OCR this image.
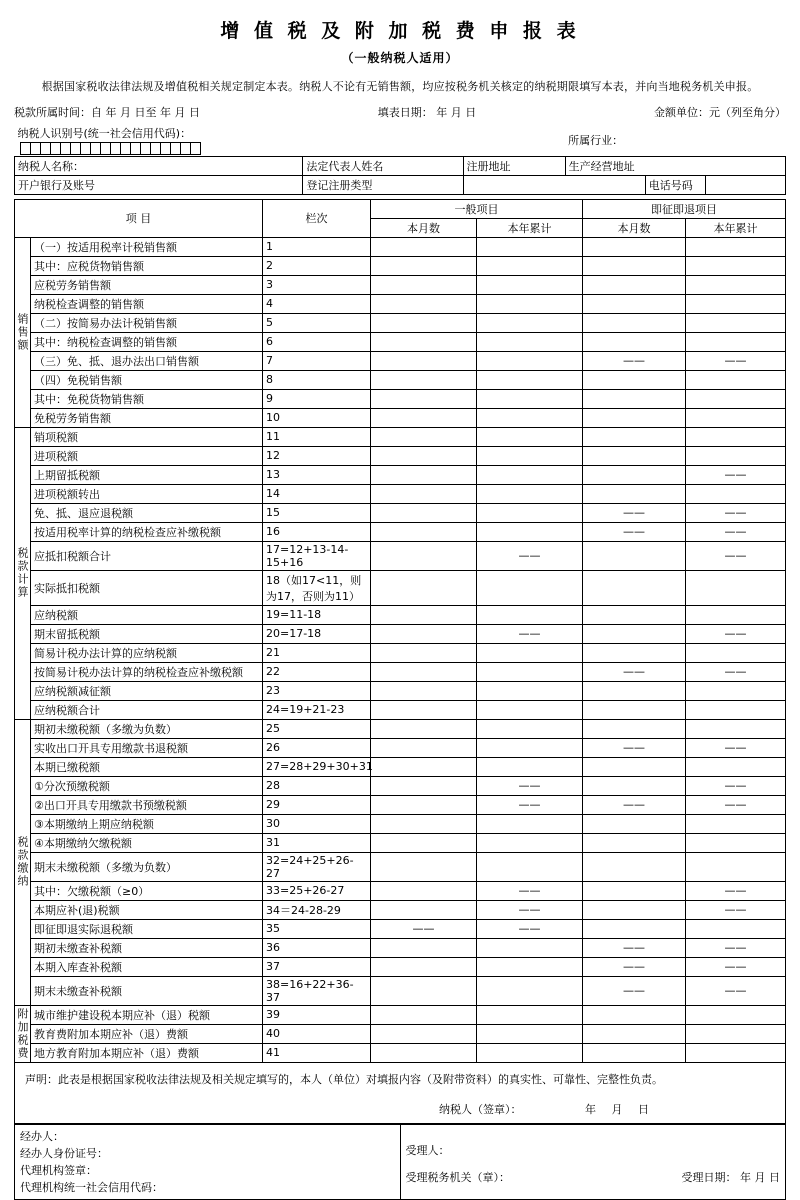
增 值 税 及 附 加 税 费 申 报 表
（一般纳税人适用）
根据国家税收法律法规及增值税相关规定制定本表。纳税人不论有无销售额，均应按税务机关核定的纳税期限填写本表，并向当地税务机关申报。
税款所属时间：自 年 月 日至 年 月 日	填表日期： 年 月 日	金额单位：元（列至角分）
纳税人识别号(统一社会信用代码)：			所属行业：		
纳税人名称：	法定代表人姓名	注册地址	生产经营地址		
开户银行及账号	登记注册类型			电话号码	
项 目		栏次	一般项目		即征即退项目	
			本月数	本年累计	本月数	本年累计
销售额	（一）按适用税率计税销售额	1				
	其中：应税货物销售额	2				
	应税劳务销售额	3				
	纳税检查调整的销售额	4				
	（二）按简易办法计税销售额	5				
	其中：纳税检查调整的销售额	6				
	（三）免、抵、退办法出口销售额	7			——	——
	（四）免税销售额	8				
	其中：免税货物销售额	9				
	免税劳务销售额	10				
税款计算	销项税额	11				
	进项税额	12				
	上期留抵税额	13				——
	进项税额转出	14				
	免、抵、退应退税额	15			——	——
	按适用税率计算的纳税检查应补缴税额	16			——	——
	应抵扣税额合计	17=12+13-14-15+16		——		——
	实际抵扣税额	18（如17<11，则为17，否则为11）				
	应纳税额	19=11-18				
	期末留抵税额	20=17-18		——		——
	简易计税办法计算的应纳税额	21				
	按简易计税办法计算的纳税检查应补缴税额	22			——	——
	应纳税额减征额	23				
	应纳税额合计	24=19+21-23				
税款缴纳	期初未缴税额（多缴为负数）	25				
	实收出口开具专用缴款书退税额	26			——	——
	本期已缴税额	27=28+29+30+31				
	①分次预缴税额	28		——		——
	②出口开具专用缴款书预缴税额	29		——	——	——
	③本期缴纳上期应纳税额	30				
	④本期缴纳欠缴税额	31				
	期末未缴税额（多缴为负数）	32=24+25+26-27				
	其中：欠缴税额（≥0）	33=25+26-27		——		——
	本期应补(退)税额	34＝24-28-29		——		——
	即征即退实际退税额	35	——	——		
	期初未缴查补税额	36			——	——
	本期入库查补税额	37			——	——
	期末未缴查补税额	38=16+22+36-37			——	——
附加税费	城市维护建设税本期应补（退）税额	39				
	教育费附加本期应补（退）费额	40				
	地方教育附加本期应补（退）费额	41				
声明：此表是根据国家税收法律法规及相关规定填写的，本人（单位）对填报内容（及附带资料）的真实性、可靠性、完整性负责。
纳税人（签章）：	年 月 日
经办人：
经办人身份证号：
代理机构签章：
代理机构统一社会信用代码：

受理人：
受理税务机关（章）：	受理日期： 年 月 日
